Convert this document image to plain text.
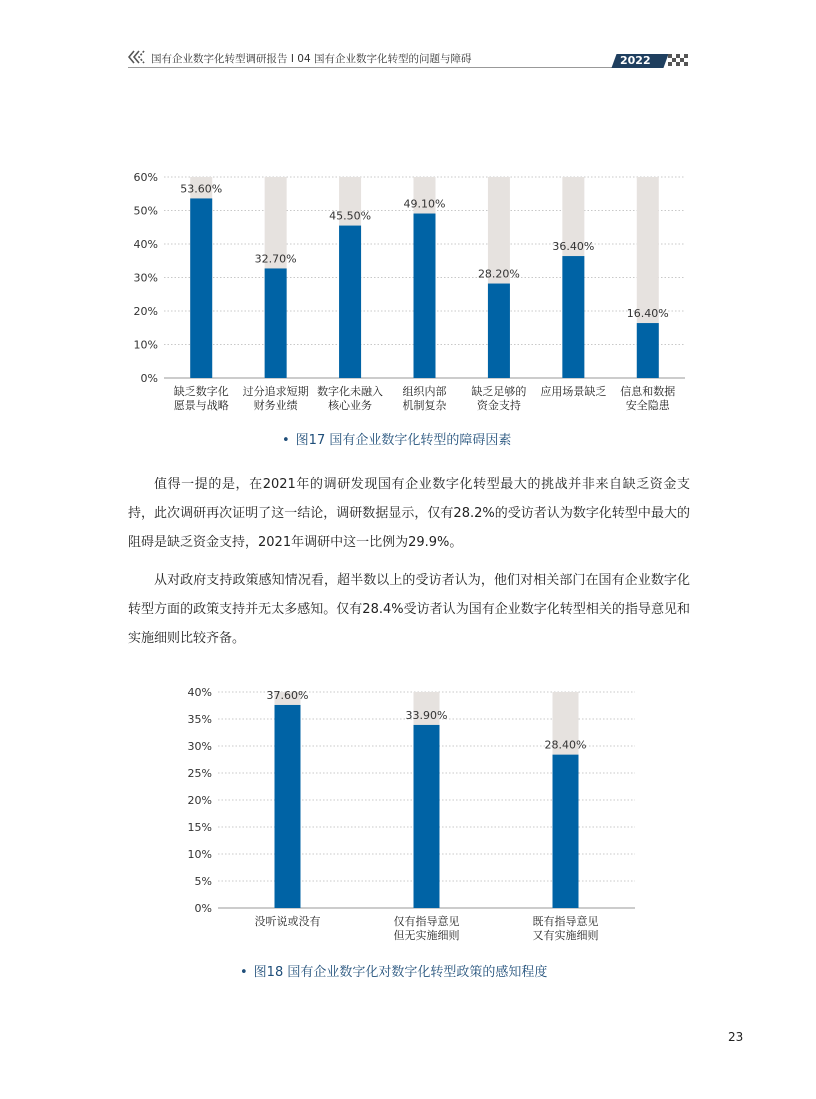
国有企业数字化转型调研报告 I 04 国有企业数字化转型的问题与障碍	2022
0%
10%
20%
30%
40%
50%
60%
53.60%
缺乏数字化
愿景与战略
32.70%
过分追求短期
财务业绩
45.50%
数字化未融入
核心业务
49.10%
组织内部
机制复杂
28.20%
缺乏足够的
资金支持
36.40%
应用场景缺乏
16.40%
信息和数据
安全隐患
• 图17 国有企业数字化转型的障碍因素

值得一提的是，在2021年的调研发现国有企业数字化转型最大的挑战并非来自缺乏资金支持，此次调研再次证明了这一结论，调研数据显示，仅有28.2%的受访者认为数字化转型中最大的阻碍是缺乏资金支持，2021年调研中这一比例为29.9%。

从对政府支持政策感知情况看，超半数以上的受访者认为，他们对相关部门在国有企业数字化转型方面的政策支持并无太多感知。仅有28.4%受访者认为国有企业数字化转型相关的指导意见和实施细则比较齐备。

0%
5%
10%
15%
20%
25%
30%
35%
40%	37.60%
没听说或没有
33.90%
仅有指导意见
但无实施细则
28.40%
既有指导意见
又有实施细则
• 图18 国有企业数字化对数字化转型政策的感知程度
23
